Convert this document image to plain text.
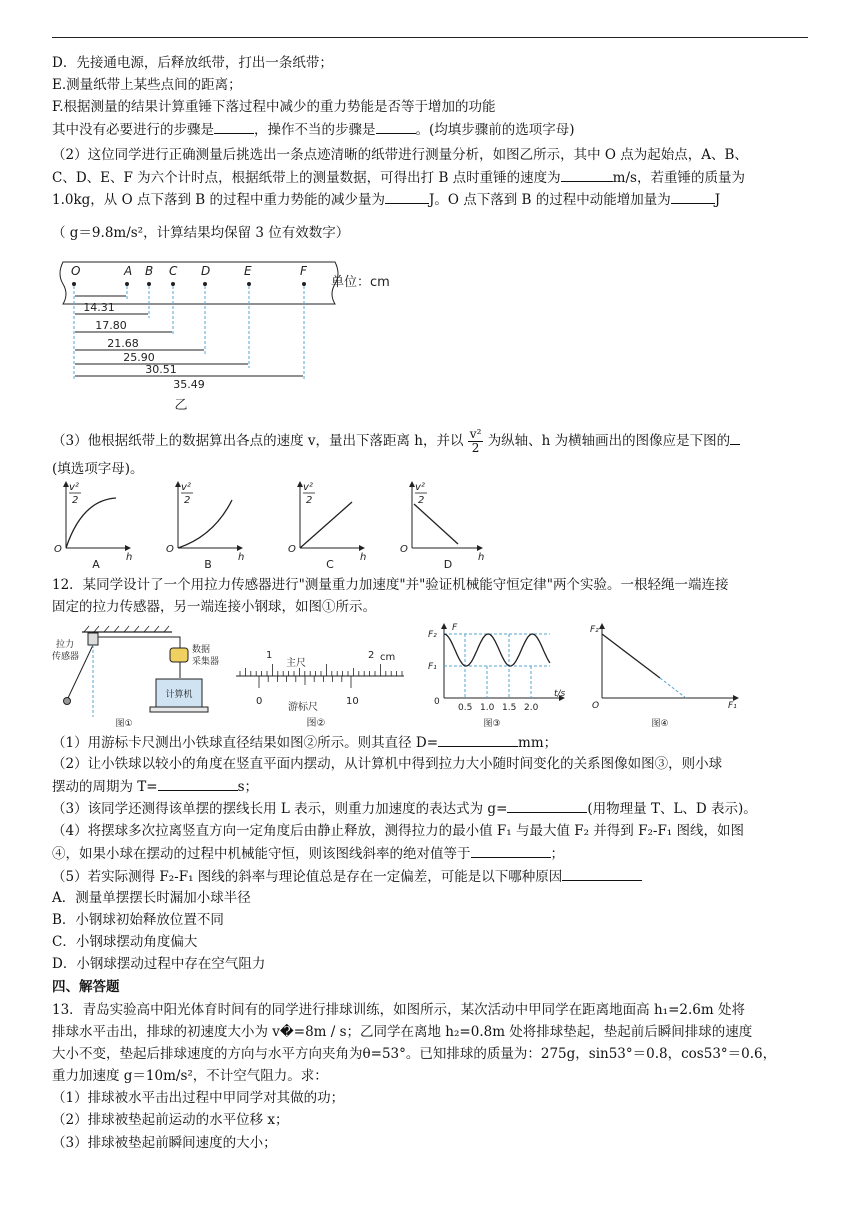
D．先接通电源，后释放纸带，打出一条纸带；
E.测量纸带上某些点间的距离；
F.根据测量的结果计算重锤下落过程中减少的重力势能是否等于增加的功能
其中没有必要进行的步骤是	，操作不当的步骤是	。(均填步骤前的选项字母)
（2）这位同学进行正确测量后挑选出一条点迹清晰的纸带进行测量分析，如图乙所示，其中 O 点为起始点，A、B、
C、D、E、F 为六个计时点，根据纸带上的测量数据，可得出打 B 点时重锤的速度为	m/s，若重锤的质量为
1.0kg，从 O 点下落到 B 的过程中重力势能的减少量为	J。O 点下落到 B 的过程中动能增加量为	J
（ g＝9.8m/s²，计算结果均保留 3 位有效数字）
O	A B C D	E	F
单位：cm
14.31
17.80
21.68
25.90
30.51
35.49
乙
（3）他根据纸带上的数据算出各点的速度 v，量出下落距离 h，并以 $\frac{\text{v²}}{2}$ 为纵轴、h 为横轴画出的图像应是下图的
(填选项字母)。
v²
2
O
h
v²
2
O
h
v²
2
O
h
v²
2
O
h
A	B	C	D
12．某同学设计了一个用拉力传感器进行"测量重力加速度"并"验证机械能守恒定律"两个实验。一根轻绳一端连接
固定的拉力传感器，另一端连接小钢球，如图①所示。
拉力
传感器
数据
采集器
计算机
图①
1	2 cm
主尺
游标尺
0	10
图②
F
F₂
F₁
0
0.5 1.0 1.5 2.0
t/s
图③
F₂
O	F₁
图④
（1）用游标卡尺测出小铁球直径结果如图②所示。则其直径 D=	mm；
（2）让小铁球以较小的角度在竖直平面内摆动，从计算机中得到拉力大小随时间变化的关系图像如图③，则小球
摆动的周期为 T=	s；
（3）该同学还测得该单摆的摆线长用 L 表示，则重力加速度的表达式为 g=	(用物理量 T、L、D 表示)。
（4）将摆球多次拉离竖直方向一定角度后由静止释放，测得拉力的最小值 F₁ 与最大值 F₂ 并得到 F₂-F₁ 图线，如图
④，如果小球在摆动的过程中机械能守恒，则该图线斜率的绝对值等于	；
（5）若实际测得 F₂-F₁ 图线的斜率与理论值总是存在一定偏差，可能是以下哪种原因
A．测量单摆摆长时漏加小球半径
B．小钢球初始释放位置不同
C．小钢球摆动角度偏大
D．小钢球摆动过程中存在空气阻力
四、解答题
13．青岛实验高中阳光体育时间有的同学进行排球训练，如图所示，某次活动中甲同学在距离地面高 h₁=2.6m 处将
排球水平击出，排球的初速度大小为 v�=8m / s；乙同学在离地 h₂=0.8m 处将排球垫起，垫起前后瞬间排球的速度
大小不变，垫起后排球速度的方向与水平方向夹角为θ=53°。已知排球的质量为：275g，sin53°＝0.8，cos53°＝0.6，
重力加速度 g＝10m/s²，不计空气阻力。求：
（1）排球被水平击出过程中甲同学对其做的功；
（2）排球被垫起前运动的水平位移 x；
（3）排球被垫起前瞬间速度的大小；
